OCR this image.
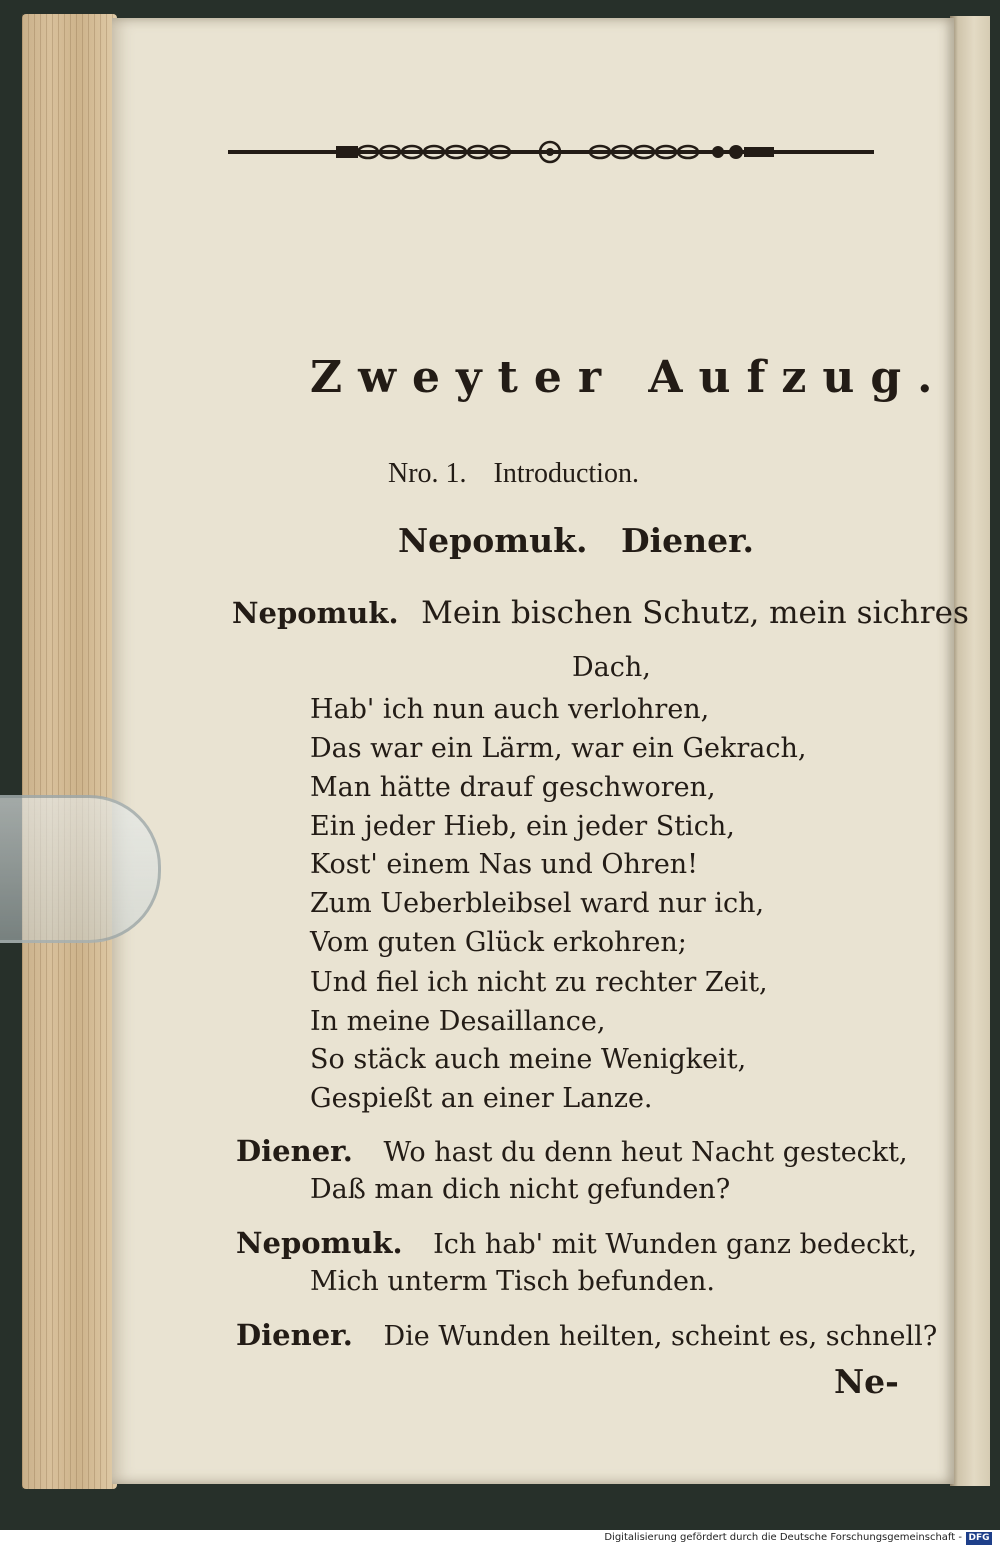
Zweyter Aufzug.
Nro. 1. Introduction.
Nepomuk. Diener.
Nepomuk. Mein bischen Schutz, mein sichres
Dach,
Hab' ich nun auch verlohren,
Das war ein Lärm, war ein Gekrach,
Man hätte drauf geschworen,
Ein jeder Hieb, ein jeder Stich,
Kost' einem Nas und Ohren!
Zum Ueberbleibsel ward nur ich,
Vom guten Glück erkohren;
Und fiel ich nicht zu rechter Zeit,
In meine Desaillance,
So stäck auch meine Wenigkeit,
Gespießt an einer Lanze.
Diener. Wo hast du denn heut Nacht gesteckt,
Daß man dich nicht gefunden?
Nepomuk. Ich hab' mit Wunden ganz bedeckt,
Mich unterm Tisch befunden.
Diener. Die Wunden heilten, scheint es, schnell?
Ne-
Digitalisierung gefördert durch die Deutsche Forschungsgemeinschaft - DFG
